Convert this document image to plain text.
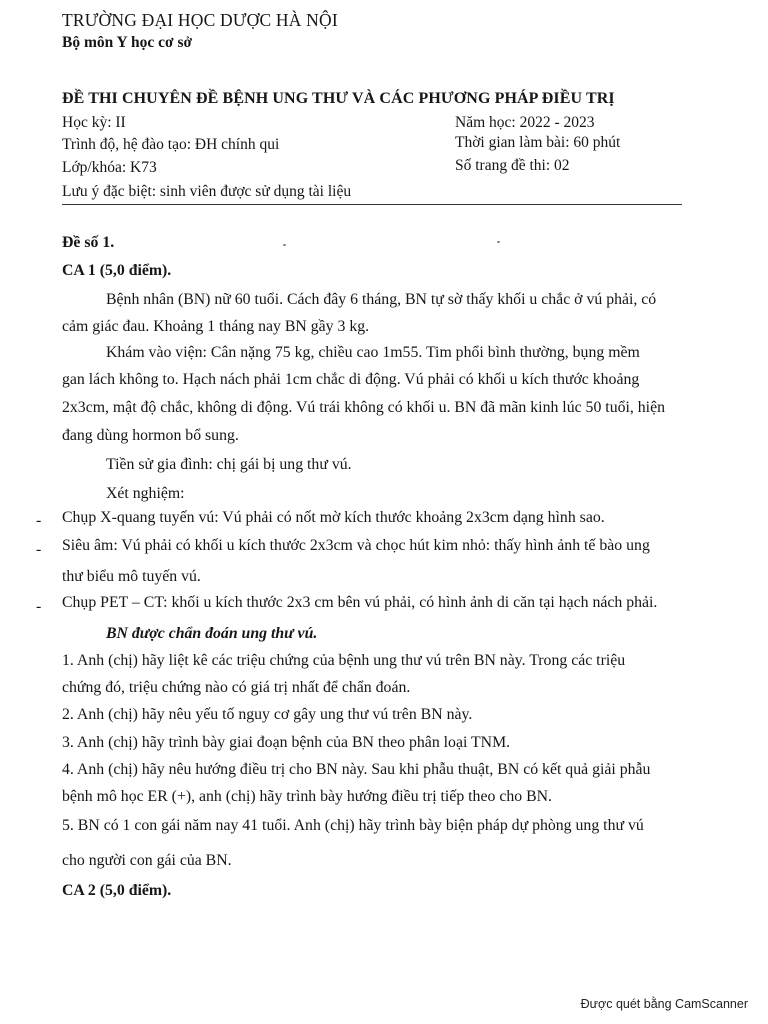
TRƯỜNG ĐẠI HỌC DƯỢC HÀ NỘI
Bộ môn Y học cơ sở
ĐỀ THI CHUYÊN ĐỀ BỆNH UNG THƯ VÀ CÁC PHƯƠNG PHÁP ĐIỀU TRỊ
Học kỳ: II	Năm học: 2022 - 2023
Trình độ, hệ đào tạo: ĐH chính qui	Thời gian làm bài: 60 phút
Lớp/khóa: K73	Số trang đề thi: 02
Lưu ý đặc biệt: sinh viên được sử dụng tài liệu
Đề số 1.
CA 1 (5,0 điểm).
Bệnh nhân (BN) nữ 60 tuổi. Cách đây 6 tháng, BN tự sờ thấy khối u chắc ở vú phải, có
cảm giác đau. Khoảng 1 tháng nay BN gầy 3 kg.
Khám vào viện: Cân nặng 75 kg, chiều cao 1m55. Tim phổi bình thường, bụng mềm
gan lách không to. Hạch nách phải 1cm chắc di động. Vú phải có khối u kích thước khoảng
2x3cm, mật độ chắc, không di động. Vú trái không có khối u. BN đã mãn kinh lúc 50 tuổi, hiện
đang dùng hormon bổ sung.
Tiền sử gia đình: chị gái bị ung thư vú.
Xét nghiệm:
- Chụp X-quang tuyến vú: Vú phải có nốt mờ kích thước khoảng 2x3cm dạng hình sao.
- Siêu âm: Vú phải có khối u kích thước 2x3cm và chọc hút kim nhỏ: thấy hình ảnh tế bào ung
thư biểu mô tuyến vú.
- Chụp PET – CT: khối u kích thước 2x3 cm bên vú phải, có hình ảnh di căn tại hạch nách phải.
BN được chẩn đoán ung thư vú.
1. Anh (chị) hãy liệt kê các triệu chứng của bệnh ung thư vú trên BN này. Trong các triệu
chứng đó, triệu chứng nào có giá trị nhất để chẩn đoán.
2. Anh (chị) hãy nêu yếu tố nguy cơ gây ung thư vú trên BN này.
3. Anh (chị) hãy trình bày giai đoạn bệnh của BN theo phân loại TNM.
4. Anh (chị) hãy nêu hướng điều trị cho BN này. Sau khi phẫu thuật, BN có kết quả giải phẫu
bệnh mô học ER (+), anh (chị) hãy trình bày hướng điều trị tiếp theo cho BN.
5. BN có 1 con gái năm nay 41 tuổi. Anh (chị) hãy trình bày biện pháp dự phòng ung thư vú
cho người con gái của BN.
CA 2 (5,0 điểm).
Được quét bằng CamScanner
